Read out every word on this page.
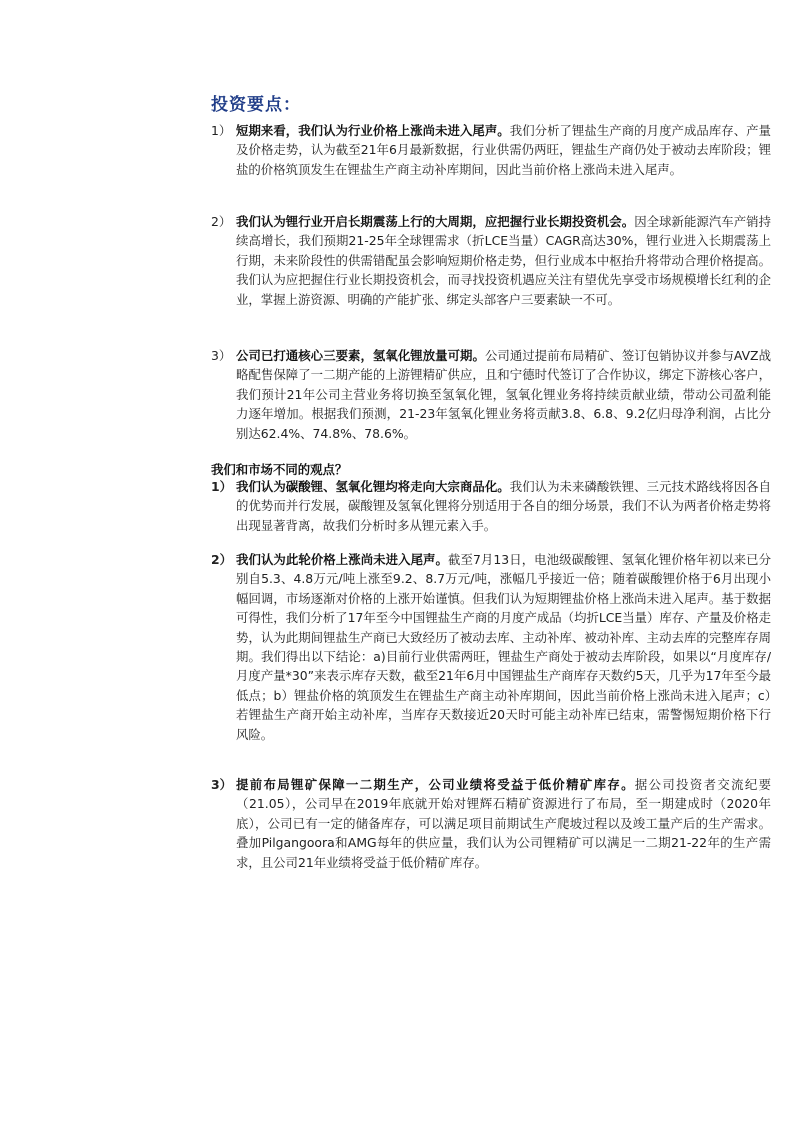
投资要点：
1） 短期来看，我们认为行业价格上涨尚未进入尾声。我们分析了锂盐生产商的月度产成品库存、产量及价格走势，认为截至21年6月最新数据，行业供需仍两旺，锂盐生产商仍处于被动去库阶段；锂盐的价格筑顶发生在锂盐生产商主动补库期间，因此当前价格上涨尚未进入尾声。

2） 我们认为锂行业开启长期震荡上行的大周期，应把握行业长期投资机会。因全球新能源汽车产销持续高增长，我们预期21-25年全球锂需求（折LCE当量）CAGR高达30%，锂行业进入长期震荡上行期，未来阶段性的供需错配虽会影响短期价格走势，但行业成本中枢抬升将带动合理价格提高。我们认为应把握住行业长期投资机会，而寻找投资机遇应关注有望优先享受市场规模增长红利的企业，掌握上游资源、明确的产能扩张、绑定头部客户三要素缺一不可。

3） 公司已打通核心三要素，氢氧化锂放量可期。公司通过提前布局精矿、签订包销协议并参与AVZ战略配售保障了一二期产能的上游锂精矿供应，且和宁德时代签订了合作协议，绑定下游核心客户，我们预计21年公司主营业务将切换至氢氧化锂，氢氧化锂业务将持续贡献业绩，带动公司盈利能力逐年增加。根据我们预测，21-23年氢氧化锂业务将贡献3.8、6.8、9.2亿归母净利润，占比分别达62.4%、74.8%、78.6%。

我们和市场不同的观点？
1） 我们认为碳酸锂、氢氧化锂均将走向大宗商品化。我们认为未来磷酸铁锂、三元技术路线将因各自的优势而并行发展，碳酸锂及氢氧化锂将分别适用于各自的细分场景，我们不认为两者价格走势将出现显著背离，故我们分析时多从锂元素入手。

2） 我们认为此轮价格上涨尚未进入尾声。截至7月13日，电池级碳酸锂、氢氧化锂价格年初以来已分别自5.3、4.8万元/吨上涨至9.2、8.7万元/吨，涨幅几乎接近一倍；随着碳酸锂价格于6月出现小幅回调，市场逐渐对价格的上涨开始谨慎。但我们认为短期锂盐价格上涨尚未进入尾声。基于数据可得性，我们分析了17年至今中国锂盐生产商的月度产成品（均折LCE当量）库存、产量及价格走势，认为此期间锂盐生产商已大致经历了被动去库、主动补库、被动补库、主动去库的完整库存周期。我们得出以下结论：a)目前行业供需两旺，锂盐生产商处于被动去库阶段，如果以“月度库存/月度产量*30”来表示库存天数，截至21年6月中国锂盐生产商库存天数约5天，几乎为17年至今最低点；b）锂盐价格的筑顶发生在锂盐生产商主动补库期间，因此当前价格上涨尚未进入尾声；c）若锂盐生产商开始主动补库，当库存天数接近20天时可能主动补库已结束，需警惕短期价格下行风险。

3） 提前布局锂矿保障一二期生产，公司业绩将受益于低价精矿库存。据公司投资者交流纪要（21.05），公司早在2019年底就开始对锂辉石精矿资源进行了布局，至一期建成时（2020年底），公司已有一定的储备库存，可以满足项目前期试生产爬坡过程以及竣工量产后的生产需求。叠加Pilgangoora和AMG每年的供应量，我们认为公司锂精矿可以满足一二期21-22年的生产需求，且公司21年业绩将受益于低价精矿库存。
